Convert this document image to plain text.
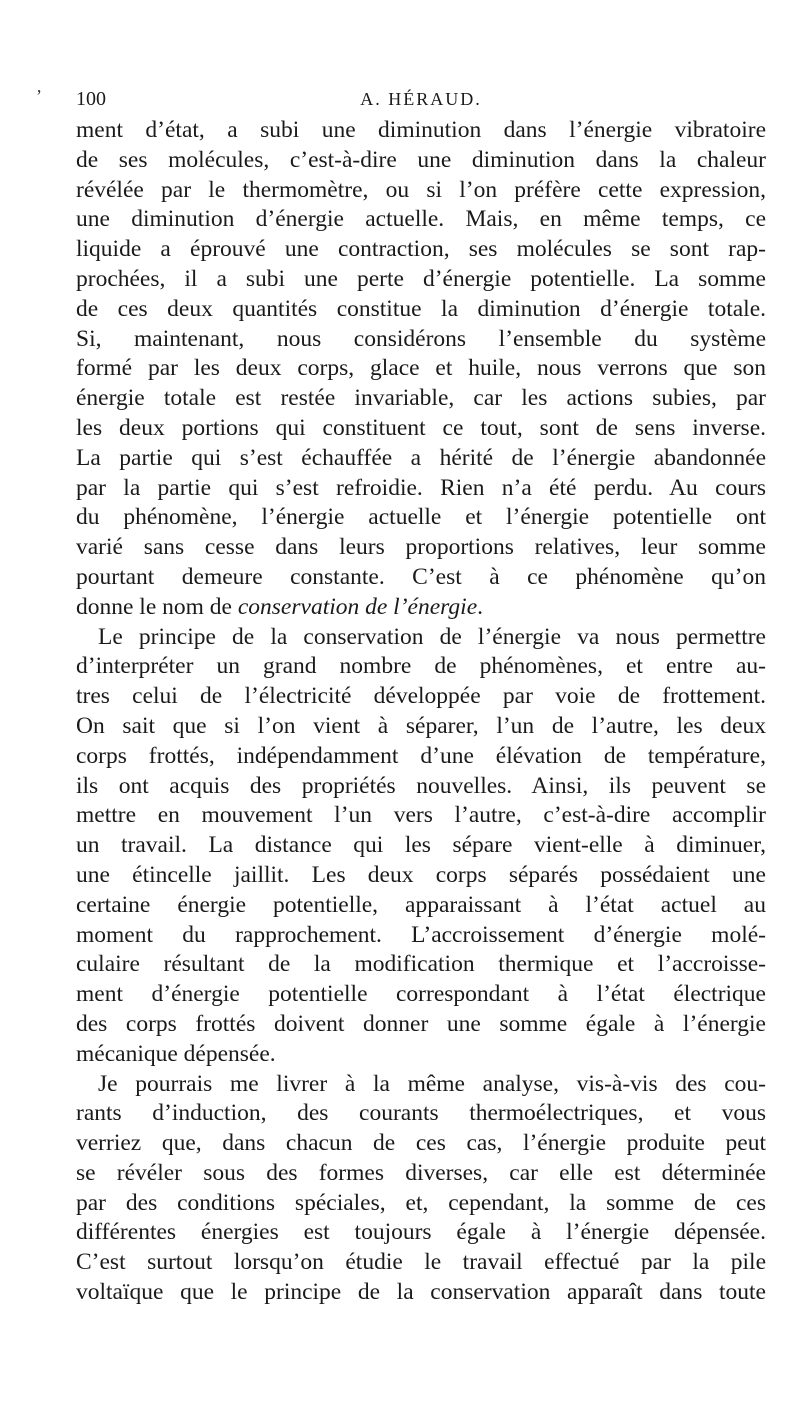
’ 100	A. HÉRAUD.

ment d’état, a subi une diminution dans l’énergie vibratoire
de ses molécules, c’est-à-dire une diminution dans la chaleur
révélée par le thermomètre, ou si l’on préfère cette expression,
une diminution d’énergie actuelle. Mais, en même temps, ce
liquide a éprouvé une contraction, ses molécules se sont rap-
prochées, il a subi une perte d’énergie potentielle. La somme
de ces deux quantités constitue la diminution d’énergie totale.
Si, maintenant, nous considérons l’ensemble du système
formé par les deux corps, glace et huile, nous verrons que son
énergie totale est restée invariable, car les actions subies, par
les deux portions qui constituent ce tout, sont de sens inverse.
La partie qui s’est échauffée a hérité de l’énergie abandonnée
par la partie qui s’est refroidie. Rien n’a été perdu. Au cours
du phénomène, l’énergie actuelle et l’énergie potentielle ont
varié sans cesse dans leurs proportions relatives, leur somme
pourtant demeure constante. C’est à ce phénomène qu’on
donne le nom de conservation de l’énergie.

Le principe de la conservation de l’énergie va nous permettre
d’interpréter un grand nombre de phénomènes, et entre au-
tres celui de l’électricité développée par voie de frottement.
On sait que si l’on vient à séparer, l’un de l’autre, les deux
corps frottés, indépendamment d’une élévation de température,
ils ont acquis des propriétés nouvelles. Ainsi, ils peuvent se
mettre en mouvement l’un vers l’autre, c’est-à-dire accomplir
un travail. La distance qui les sépare vient-elle à diminuer,
une étincelle jaillit. Les deux corps séparés possédaient une
certaine énergie potentielle, apparaissant à l’état actuel au
moment du rapprochement. L’accroissement d’énergie molé-
culaire résultant de la modification thermique et l’accroisse-
ment d’énergie potentielle correspondant à l’état électrique
des corps frottés doivent donner une somme égale à l’énergie
mécanique dépensée.

Je pourrais me livrer à la même analyse, vis-à-vis des cou-
rants d’induction, des courants thermoélectriques, et vous
verriez que, dans chacun de ces cas, l’énergie produite peut
se révéler sous des formes diverses, car elle est déterminée
par des conditions spéciales, et, cependant, la somme de ces
différentes énergies est toujours égale à l’énergie dépensée.
C’est surtout lorsqu’on étudie le travail effectué par la pile
voltaïque que le principe de la conservation apparaît dans toute
